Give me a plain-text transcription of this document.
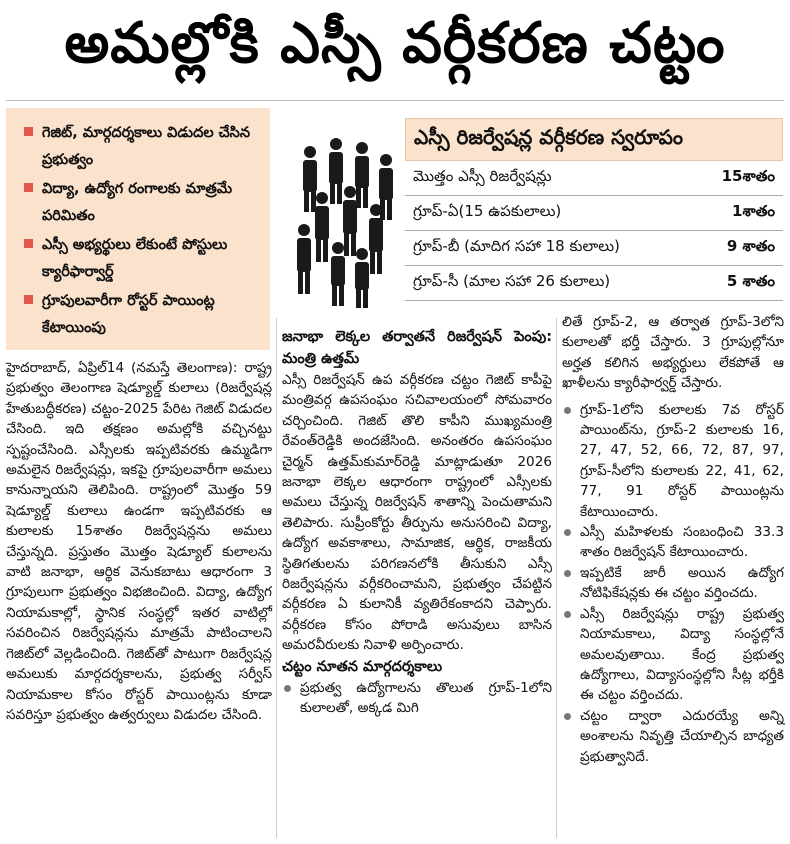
అమల్లోకి ఎస్సీ వర్గీకరణ చట్టం
గెజిట్, మార్గదర్శకాలు విడుదల చేసిన ప్రభుత్వం
విద్యా, ఉద్యోగ రంగాలకు మాత్రమే పరిమితం
ఎస్సీ అభ్యర్థులు లేకుంటే పోస్టులు క్యారీఫార్వార్డ్
గ్రూపులవారీగా రోస్టర్ పాయింట్ల కేటాయింపు
ఎస్సీ రిజర్వేషన్ల వర్గీకరణ స్వరూపం
మొత్తం ఎస్సీ రిజర్వేషన్లు	15శాతం
గ్రూప్-ఏ(15 ఉపకులాలు)	1శాతం
గ్రూప్-బీ (మాదిగ సహా 18 కులాలు)	9 శాతం
గ్రూప్-సీ (మాల సహా 26 కులాలు)	5 శాతం

హైదరాబాద్, ఏప్రిల్14 (నమస్తే తెలంగాణ): రాష్ట్ర ప్రభుత్వం తెలంగాణ షెడ్యూల్డ్ కులాలు (రిజర్వేషన్ల హేతుబద్ధీకరణ) చట్టం-2025 పేరిట గెజిట్ విడుదల చేసింది. ఇది తక్షణం అమల్లోకి వచ్చినట్టు స్పష్టంచేసింది. ఎస్సీలకు ఇప్పటివరకు ఉమ్మడిగా అమలైన రిజర్వేషన్లు, ఇకపై గ్రూపులవారీగా అమలు కానున్నాయని తెలిపింది. రాష్ట్రంలో మొత్తం 59 షెడ్యూల్డ్ కులాలు ఉండగా ఇప్పటివరకు ఆ కులాలకు 15శాతం రిజర్వేషన్లను అమలు చేస్తున్నది. ప్రస్తుతం మొత్తం షెడ్యూల్ కులాలను వాటి జనాభా, ఆర్థిక వెనుకబాటు ఆధారంగా 3 గ్రూపులుగా ప్రభుత్వం విభజించింది. విద్యా, ఉద్యోగ నియామకాల్లో, స్థానిక సంస్థల్లో ఇతర వాటిల్లో సవరించిన రిజర్వేషన్లను మాత్రమే పాటించాలని గెజిట్‌లో వెల్లడించింది. గెజిట్‌తో పాటుగా రిజర్వేషన్ల అమలుకు మార్గదర్శకాలను, ప్రభుత్వ సర్వీస్ నియామకాల కోసం రోస్టర్ పాయింట్లను కూడా సవరిస్తూ ప్రభుత్వం ఉత్వర్వులు విడుదల చేసింది.

జనాభా లెక్కల తర్వాతనే రిజర్వేషన్ పెంపు: మంత్రి ఉత్తమ్

ఎస్సీ రిజర్వేషన్ ఉప వర్గీకరణ చట్టం గెజిట్ కాపీపై మంత్రివర్గ ఉపసంఘం సచివాలయంలో సోమవారం చర్చించింది. గెజిట్ తొలి కాపీని ముఖ్యమంత్రి రేవంత్‌రెడ్డికి అందజేసింది. అనంతరం ఉపసంఘం చైర్మన్ ఉత్తమ్‌కుమార్‌రెడ్డి మాట్లాడుతూ 2026 జనాభా లెక్కల ఆధారంగా రాష్ట్రంలో ఎస్సీలకు అమలు చేస్తున్న రిజర్వేషన్ శాతాన్ని పెంచుతామని తెలిపారు. సుప్రీంకోర్టు తీర్పును అనుసరించి విద్యా, ఉద్యోగ అవకాశాలు, సామాజిక, ఆర్థిక, రాజకీయ స్థితిగతులను పరిగణనలోకి తీసుకుని ఎస్సీ రిజర్వేషన్లను వర్గీకరించామని, ప్రభుత్వం చేపట్టిన వర్గీకరణ ఏ కులానికీ వ్యతిరేకంకాదని చెప్పారు. వర్గీకరణ కోసం పోరాడి అసువులు బాసిన అమరవీరులకు నివాళి అర్పించారు.

చట్టం నూతన మార్గదర్శకాలు

ప్రభుత్వ ఉద్యోగాలను తొలుత గ్రూప్-1లోని కులాలతో, అక్కడ మిగి

లితే గ్రూప్-2, ఆ తర్వాత గ్రూప్-3లోని కులాలతో భర్తీ చేస్తారు. 3 గ్రూపుల్లోనూ అర్హత కలిగిన అభ్యర్థులు లేకపోతే ఆ ఖాళీలను క్యారీఫార్వర్డ్ చేస్తారు.

గ్రూప్-1లోని కులాలకు 7వ రోస్టర్ పాయింట్‌ను, గ్రూప్-2 కులాలకు 16, 27, 47, 52, 66, 72, 87, 97, గ్రూప్-సీలోని కులాలకు 22, 41, 62, 77, 91 రోస్టర్ పాయింట్లను కేటాయించారు.

ఎస్సీ మహిళలకు సంబంధించి 33.3 శాతం రిజర్వేషన్ కేటాయించారు.

ఇప్పటికే జారీ అయిన ఉద్యోగ నోటిఫికేషన్లకు ఈ చట్టం వర్తించదు.

ఎస్సీ రిజర్వేషన్లు రాష్ట్ర ప్రభుత్వ నియామకాలు, విద్యా సంస్థల్లోనే అమలవుతాయి. కేంద్ర ప్రభుత్వ ఉద్యోగాలు, విద్యాసంస్థల్లోని సీట్ల భర్తీకి ఈ చట్టం వర్తించదు.

చట్టం ద్వారా ఎదురయ్యే అన్ని అంశాలను నివృత్తి చేయాల్సిన బాధ్యత ప్రభుత్వానిదే.
